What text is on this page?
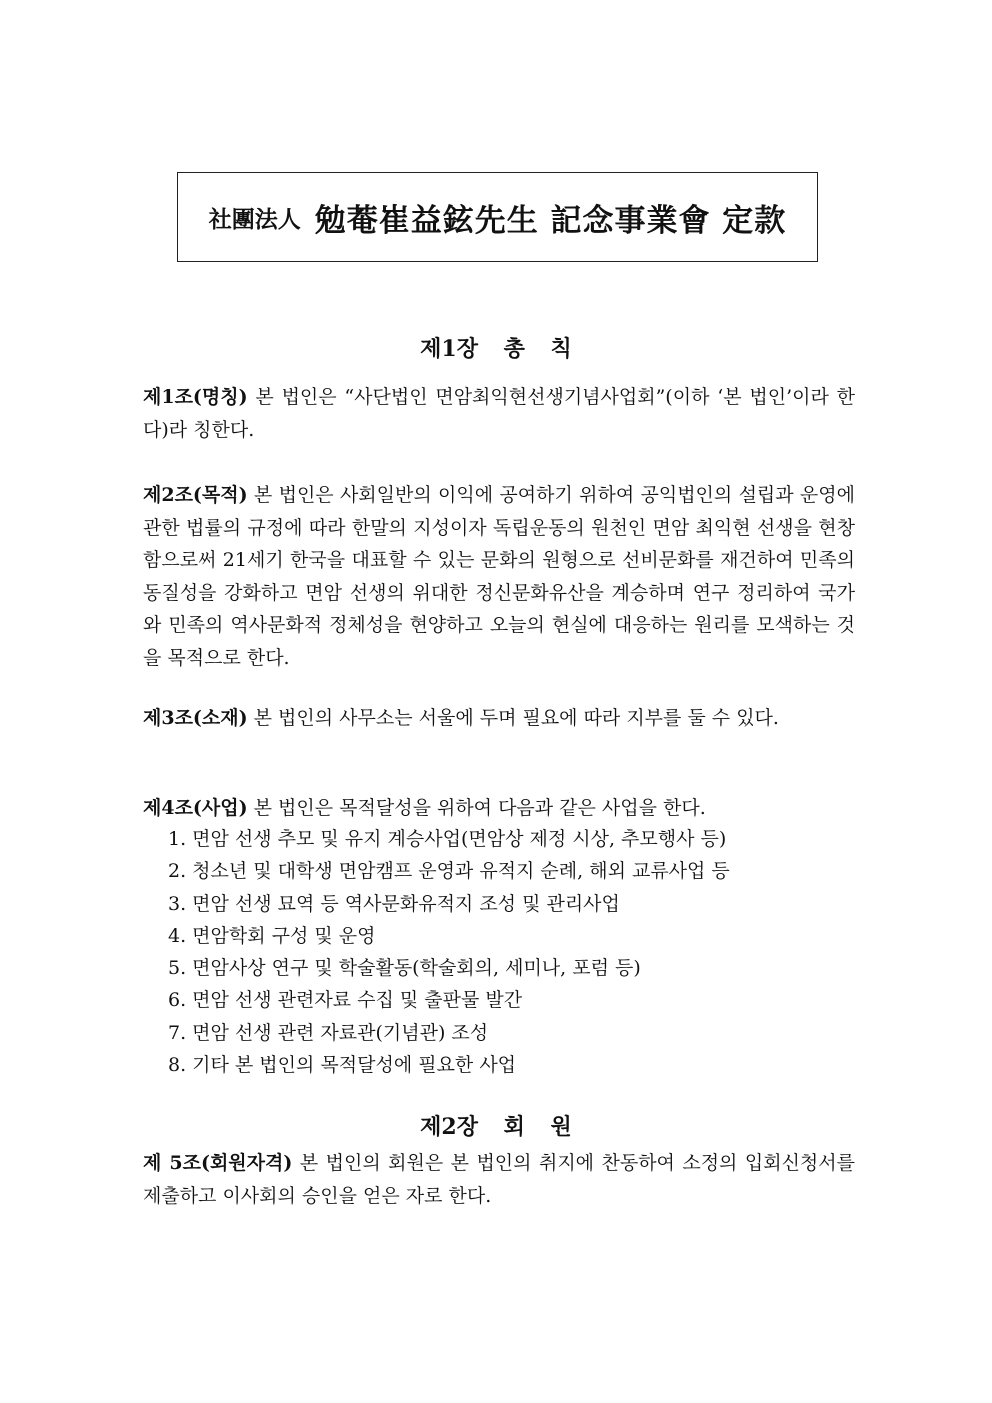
社團法人 勉菴崔益鉉先生 記念事業會 定款
제1장 총 칙
제1조(명칭) 본 법인은 “사단법인 면암최익현선생기념사업회”(이하 ‘본 법인’이라 한다)라 칭한다.
제2조(목적) 본 법인은 사회일반의 이익에 공여하기 위하여 공익법인의 설립과 운영에 관한 법률의 규정에 따라 한말의 지성이자 독립운동의 원천인 면암 최익현 선생을 현창함으로써 21세기 한국을 대표할 수 있는 문화의 원형으로 선비문화를 재건하여 민족의 동질성을 강화하고 면암 선생의 위대한 정신문화유산을 계승하며 연구 정리하여 국가와 민족의 역사문화적 정체성을 현양하고 오늘의 현실에 대응하는 원리를 모색하는 것을 목적으로 한다.
제3조(소재) 본 법인의 사무소는 서울에 두며 필요에 따라 지부를 둘 수 있다.
제4조(사업) 본 법인은 목적달성을 위하여 다음과 같은 사업을 한다.
1. 면암 선생 추모 및 유지 계승사업(면암상 제정 시상, 추모행사 등)
2. 청소년 및 대학생 면암캠프 운영과 유적지 순례, 해외 교류사업 등
3. 면암 선생 묘역 등 역사문화유적지 조성 및 관리사업
4. 면암학회 구성 및 운영
5. 면암사상 연구 및 학술활동(학술회의, 세미나, 포럼 등)
6. 면암 선생 관련자료 수집 및 출판물 발간
7. 면암 선생 관련 자료관(기념관) 조성
8. 기타 본 법인의 목적달성에 필요한 사업
제2장 회 원
제 5조(회원자격) 본 법인의 회원은 본 법인의 취지에 찬동하여 소정의 입회신청서를 제출하고 이사회의 승인을 얻은 자로 한다.
